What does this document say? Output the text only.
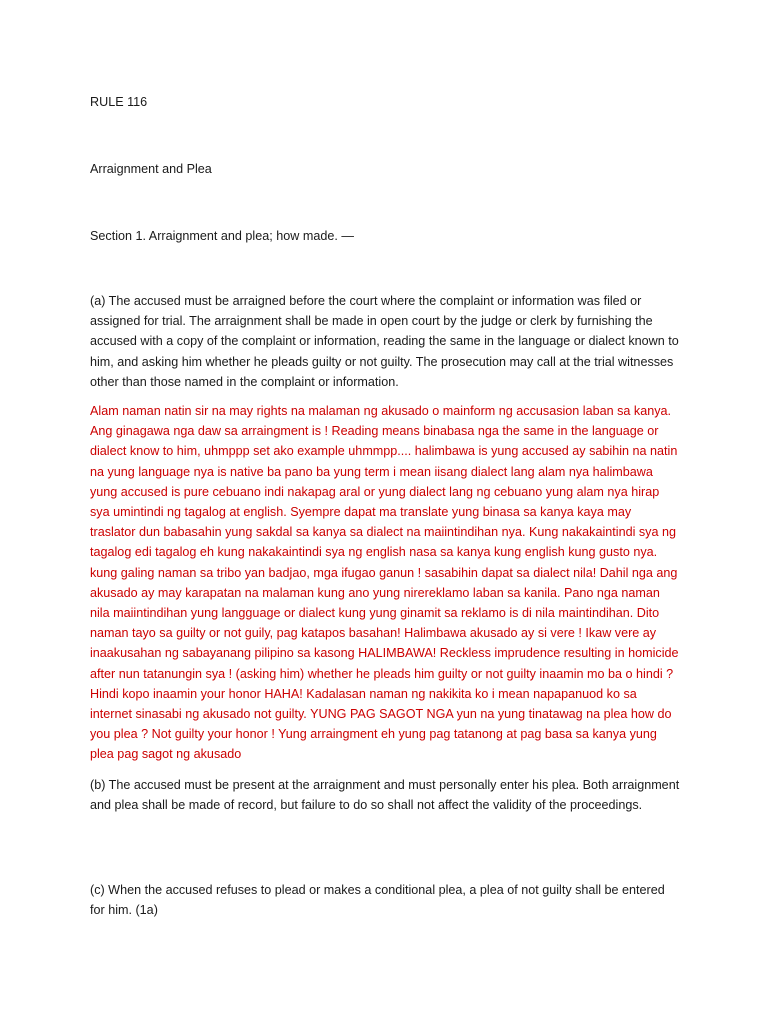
RULE 116

Arraignment and Plea

Section 1. Arraignment and plea; how made. —

(a) The accused must be arraigned before the court where the complaint or information was filed or assigned for trial. The arraignment shall be made in open court by the judge or clerk by furnishing the accused with a copy of the complaint or information, reading the same in the language or dialect known to him, and asking him whether he pleads guilty or not guilty. The prosecution may call at the trial witnesses other than those named in the complaint or information.

Alam naman natin sir na may rights na malaman ng akusado o mainform ng accusasion laban sa kanya. Ang ginagawa nga daw sa arraingment is ! Reading means binabasa nga the same in the language or dialect know to him, uhmppp set ako example uhmmpp.... halimbawa is yung accused ay sabihin na natin na yung language nya is native ba pano ba yung term i mean iisang dialect lang alam nya halimbawa yung accused is pure cebuano indi nakapag aral or yung dialect lang ng cebuano yung alam nya hirap sya umintindi ng tagalog at english. Syempre dapat ma translate yung binasa sa kanya kaya may traslator dun babasahin yung sakdal sa kanya sa dialect na maiintindihan nya. Kung nakakaintindi sya ng tagalog edi tagalog eh kung nakakaintindi sya ng english nasa sa kanya kung english kung gusto nya. kung galing naman sa tribo yan badjao, mga ifugao ganun ! sasabihin dapat sa dialect nila! Dahil nga ang akusado ay may karapatan na malaman kung ano yung nirereklamo laban sa kanila. Pano nga naman nila maiintindihan yung langguage or dialect kung yung ginamit sa reklamo is di nila maintindihan. Dito naman tayo sa guilty or not guily, pag katapos basahan! Halimbawa akusado ay si vere ! Ikaw vere ay inaakusahan ng sabayanang pilipino sa kasong HALIMBAWA! Reckless imprudence resulting in homicide after nun tatanungin sya ! (asking him) whether he pleads him guilty or not guilty inaamin mo ba o hindi ? Hindi kopo inaamin your honor HAHA! Kadalasan naman ng nakikita ko i mean napapanuod ko sa internet sinasabi ng akusado not guilty. YUNG PAG SAGOT NGA yun na yung tinatawag na plea how do you plea ? Not guilty your honor ! Yung arraingment eh yung pag tatanong at pag basa sa kanya yung plea pag sagot ng akusado

(b) The accused must be present at the arraignment and must personally enter his plea. Both arraignment and plea shall be made of record, but failure to do so shall not affect the validity of the proceedings.

(c) When the accused refuses to plead or makes a conditional plea, a plea of not guilty shall be entered for him. (1a)
